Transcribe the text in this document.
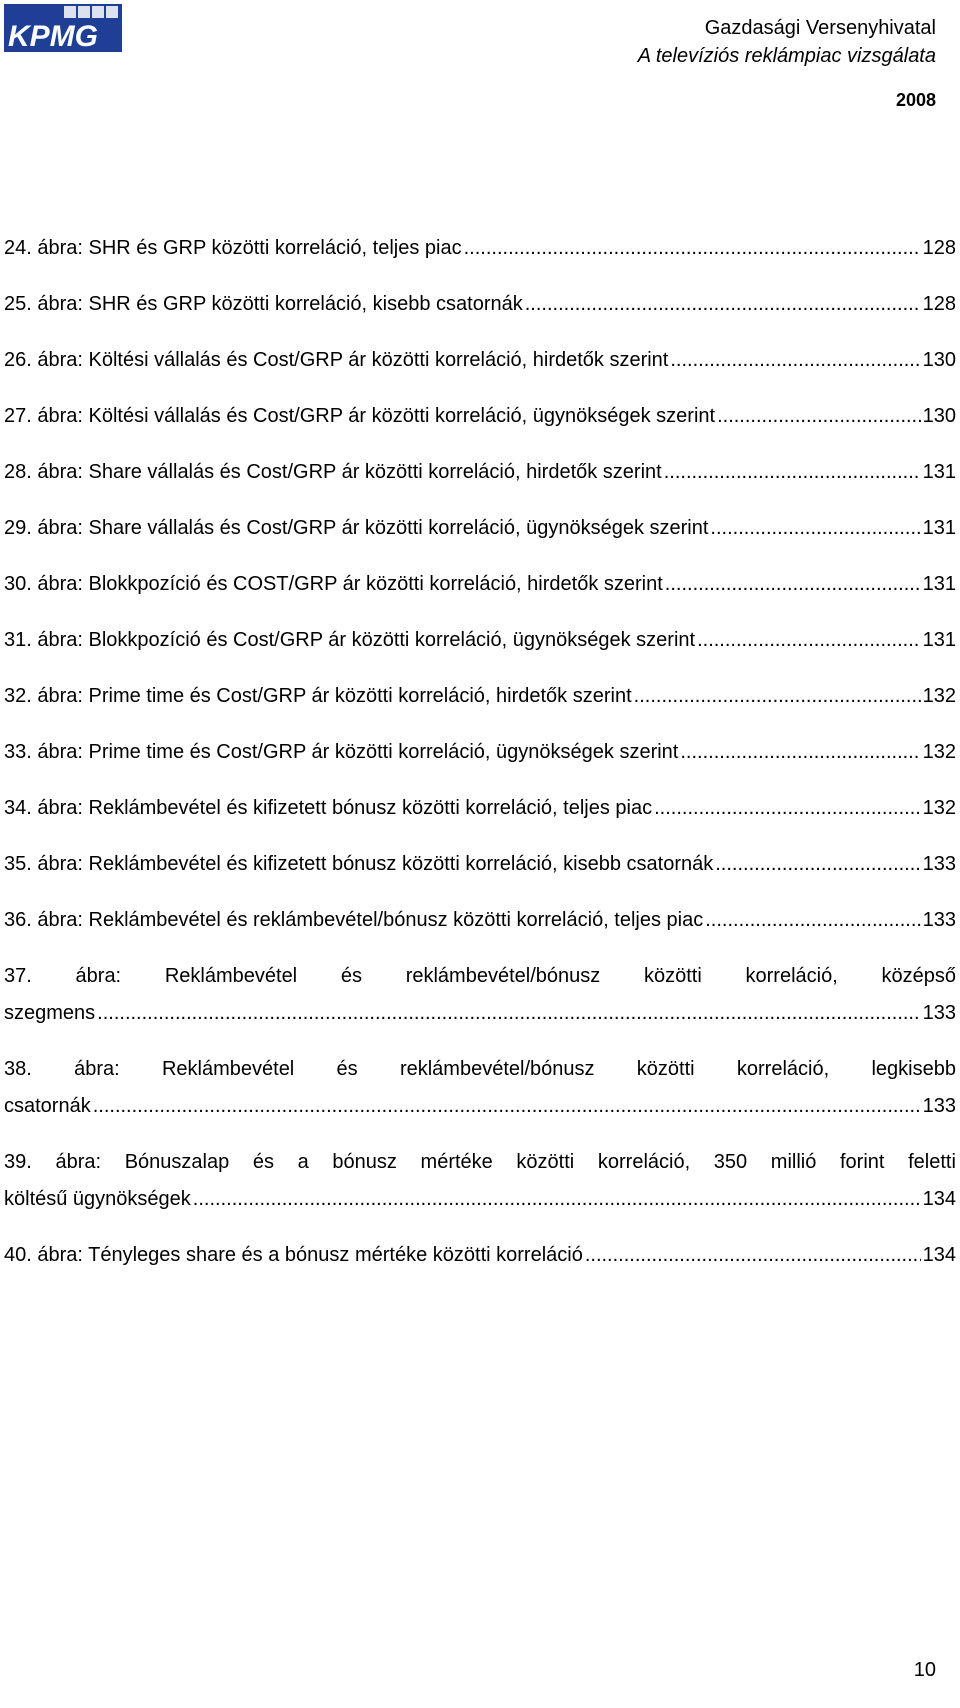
KPMG	Gazdasági Versenyhivatal
A televíziós reklámpiac vizsgálata
2008
24. ábra: SHR és GRP közötti korreláció, teljes piac .....	128
25. ábra: SHR és GRP közötti korreláció, kisebb csatornák .....	128
26. ábra: Költési vállalás és Cost/GRP ár közötti korreláció, hirdetők szerint .....	130
27. ábra: Költési vállalás és Cost/GRP ár közötti korreláció, ügynökségek szerint .....	130
28. ábra: Share vállalás és Cost/GRP ár közötti korreláció, hirdetők szerint .....	131
29. ábra: Share vállalás és Cost/GRP ár közötti korreláció, ügynökségek szerint .....	131
30. ábra: Blokkpozíció és COST/GRP ár közötti korreláció, hirdetők szerint .....	131
31. ábra: Blokkpozíció és Cost/GRP ár közötti korreláció, ügynökségek szerint .....	131
32. ábra: Prime time és Cost/GRP ár közötti korreláció, hirdetők szerint .....	132
33. ábra: Prime time és Cost/GRP ár közötti korreláció, ügynökségek szerint .....	132
34. ábra: Reklámbevétel és kifizetett bónusz közötti korreláció, teljes piac .....	132
35. ábra: Reklámbevétel és kifizetett bónusz közötti korreláció, kisebb csatornák .....	133
36. ábra: Reklámbevétel és reklámbevétel/bónusz közötti korreláció, teljes piac .....	133
37. ábra: Reklámbevétel és reklámbevétel/bónusz közötti korreláció, középső
szegmens .....	133
38. ábra: Reklámbevétel és reklámbevétel/bónusz közötti korreláció, legkisebb
csatornák .....	133
39. ábra: Bónuszalap és a bónusz mértéke közötti korreláció, 350 millió forint feletti
költésű ügynökségek .....	134
40. ábra: Tényleges share és a bónusz mértéke közötti korreláció .....	134
10
